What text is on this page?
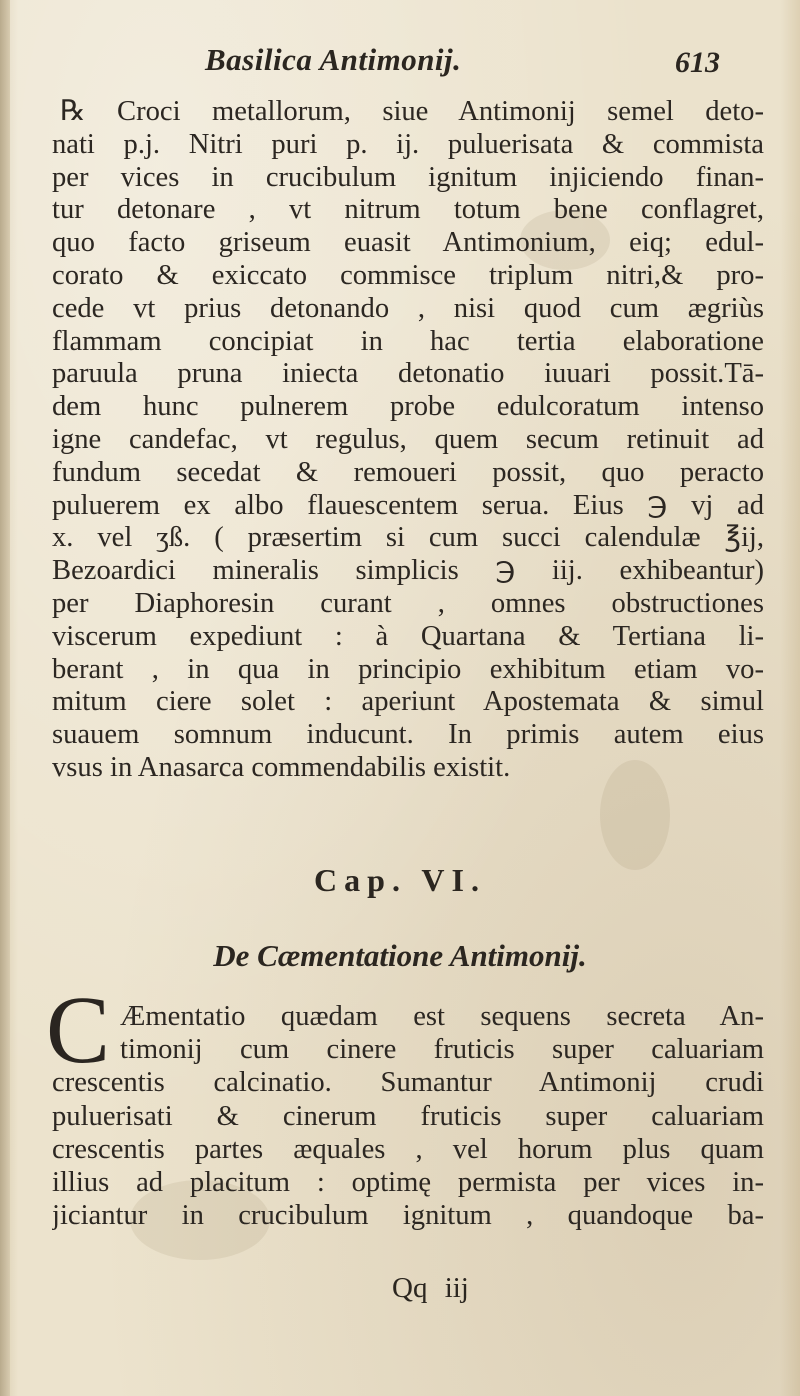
Basilica Antimonij.	613
℞ Croci metallorum, siue Antimonij semel deto-
nati p.j. Nitri puri p. ij. puluerisata & commista
per vices in crucibulum ignitum injiciendo finan-
tur detonare , vt nitrum totum bene conflagret,
quo facto griseum euasit Antimonium, eiq; edul-
corato & exiccato commisce triplum nitri,& pro-
cede vt prius detonando , nisi quod cum ægriùs
flammam concipiat in hac tertia elaboratione
paruula pruna iniecta detonatio iuuari possit.Tā-
dem hunc pulnerem probe edulcoratum intenso
igne candefac, vt regulus, quem secum retinuit ad
fundum secedat & remoueri possit, quo peracto
puluerem ex albo flauescentem serua. Eius ℈ vj ad
x. vel ʒß. ( præsertim si cum succi calendulæ ℥ij,
Bezoardici mineralis simplicis ℈ iij. exhibeantur)
per Diaphoresin curant , omnes obstructiones
viscerum expediunt : à Quartana & Tertiana li-
berant , in qua in principio exhibitum etiam vo-
mitum ciere solet : aperiunt Apostemata & simul
suauem somnum inducunt. In primis autem eius
vsus in Anasarca commendabilis existit.
Cap. VI.
De Cæmentatione Antimonij.
C Æmentatio quædam est sequens secreta An-
timonij cum cinere fruticis super caluariam
crescentis calcinatio. Sumantur Antimonij crudi
puluerisati & cinerum fruticis super caluariam
crescentis partes æquales , vel horum plus quam
illius ad placitum : optimę permista per vices in-
jiciantur in crucibulum ignitum , quandoque ba-
Qq iij
